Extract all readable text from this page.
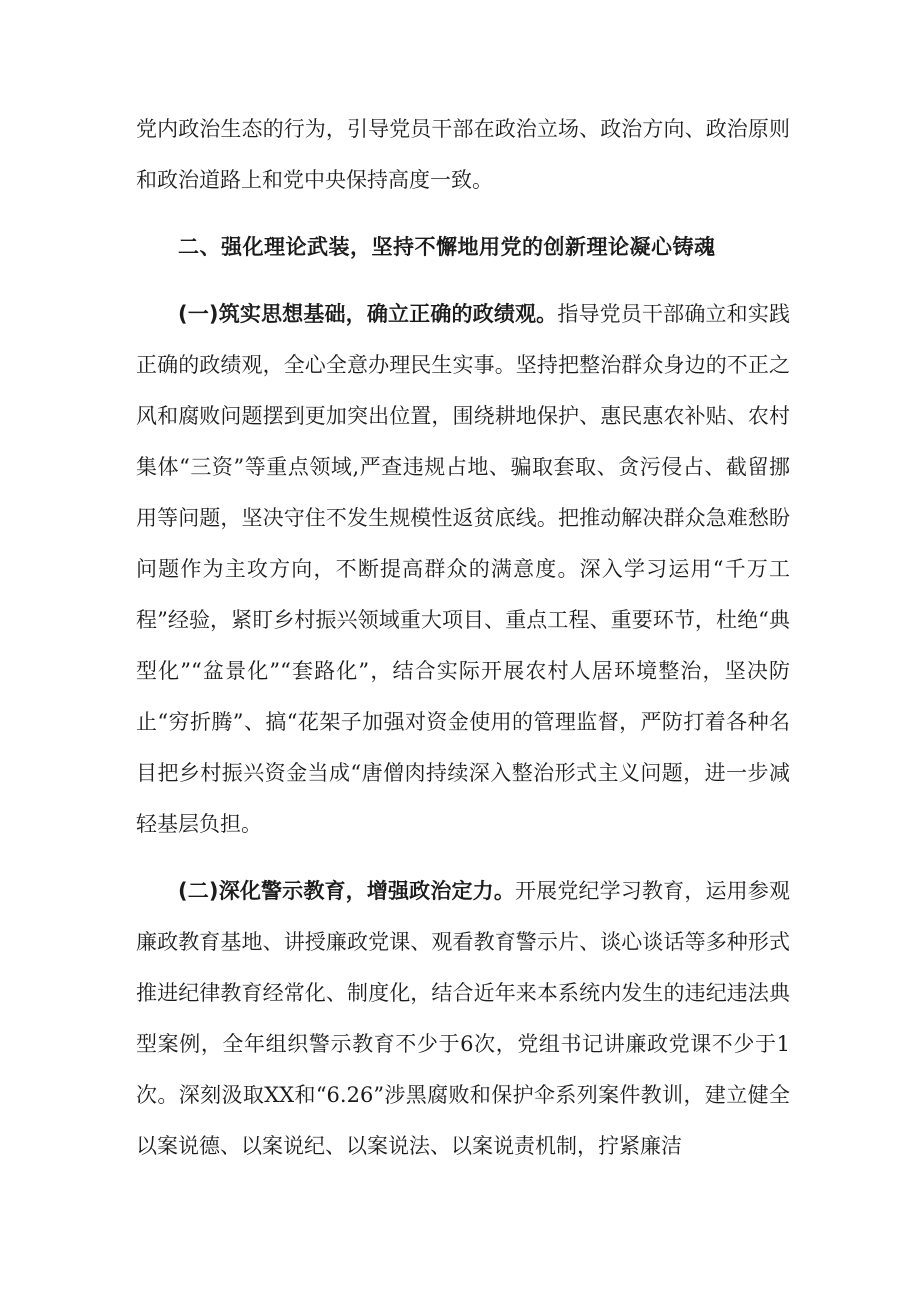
党内政治生态的行为，引导党员干部在政治立场、政治方向、政治原则和政治道路上和党中央保持高度一致。

二、强化理论武装，坚持不懈地用党的创新理论凝心铸魂

(一)筑实思想基础，确立正确的政绩观。指导党员干部确立和实践正确的政绩观，全心全意办理民生实事。坚持把整治群众身边的不正之风和腐败问题摆到更加突出位置，围绕耕地保护、惠民惠农补贴、农村集体“三资”等重点领域,严查违规占地、骗取套取、贪污侵占、截留挪用等问题，坚决守住不发生规模性返贫底线。把推动解决群众急难愁盼问题作为主攻方向，不断提高群众的满意度。深入学习运用“千万工程”经验，紧盯乡村振兴领域重大项目、重点工程、重要环节，杜绝“典型化”“盆景化”“套路化”，结合实际开展农村人居环境整治，坚决防止“穷折腾”、搞“花架子加强对资金使用的管理监督，严防打着各种名目把乡村振兴资金当成“唐僧肉持续深入整治形式主义问题，进一步减轻基层负担。

(二)深化警示教育，增强政治定力。开展党纪学习教育，运用参观廉政教育基地、讲授廉政党课、观看教育警示片、谈心谈话等多种形式推进纪律教育经常化、制度化，结合近年来本系统内发生的违纪违法典型案例，全年组织警示教育不少于6次，党组书记讲廉政党课不少于1次。深刻汲取XX和“6.26”涉黑腐败和保护伞系列案件教训，建立健全以案说德、以案说纪、以案说法、以案说责机制，拧紧廉洁
